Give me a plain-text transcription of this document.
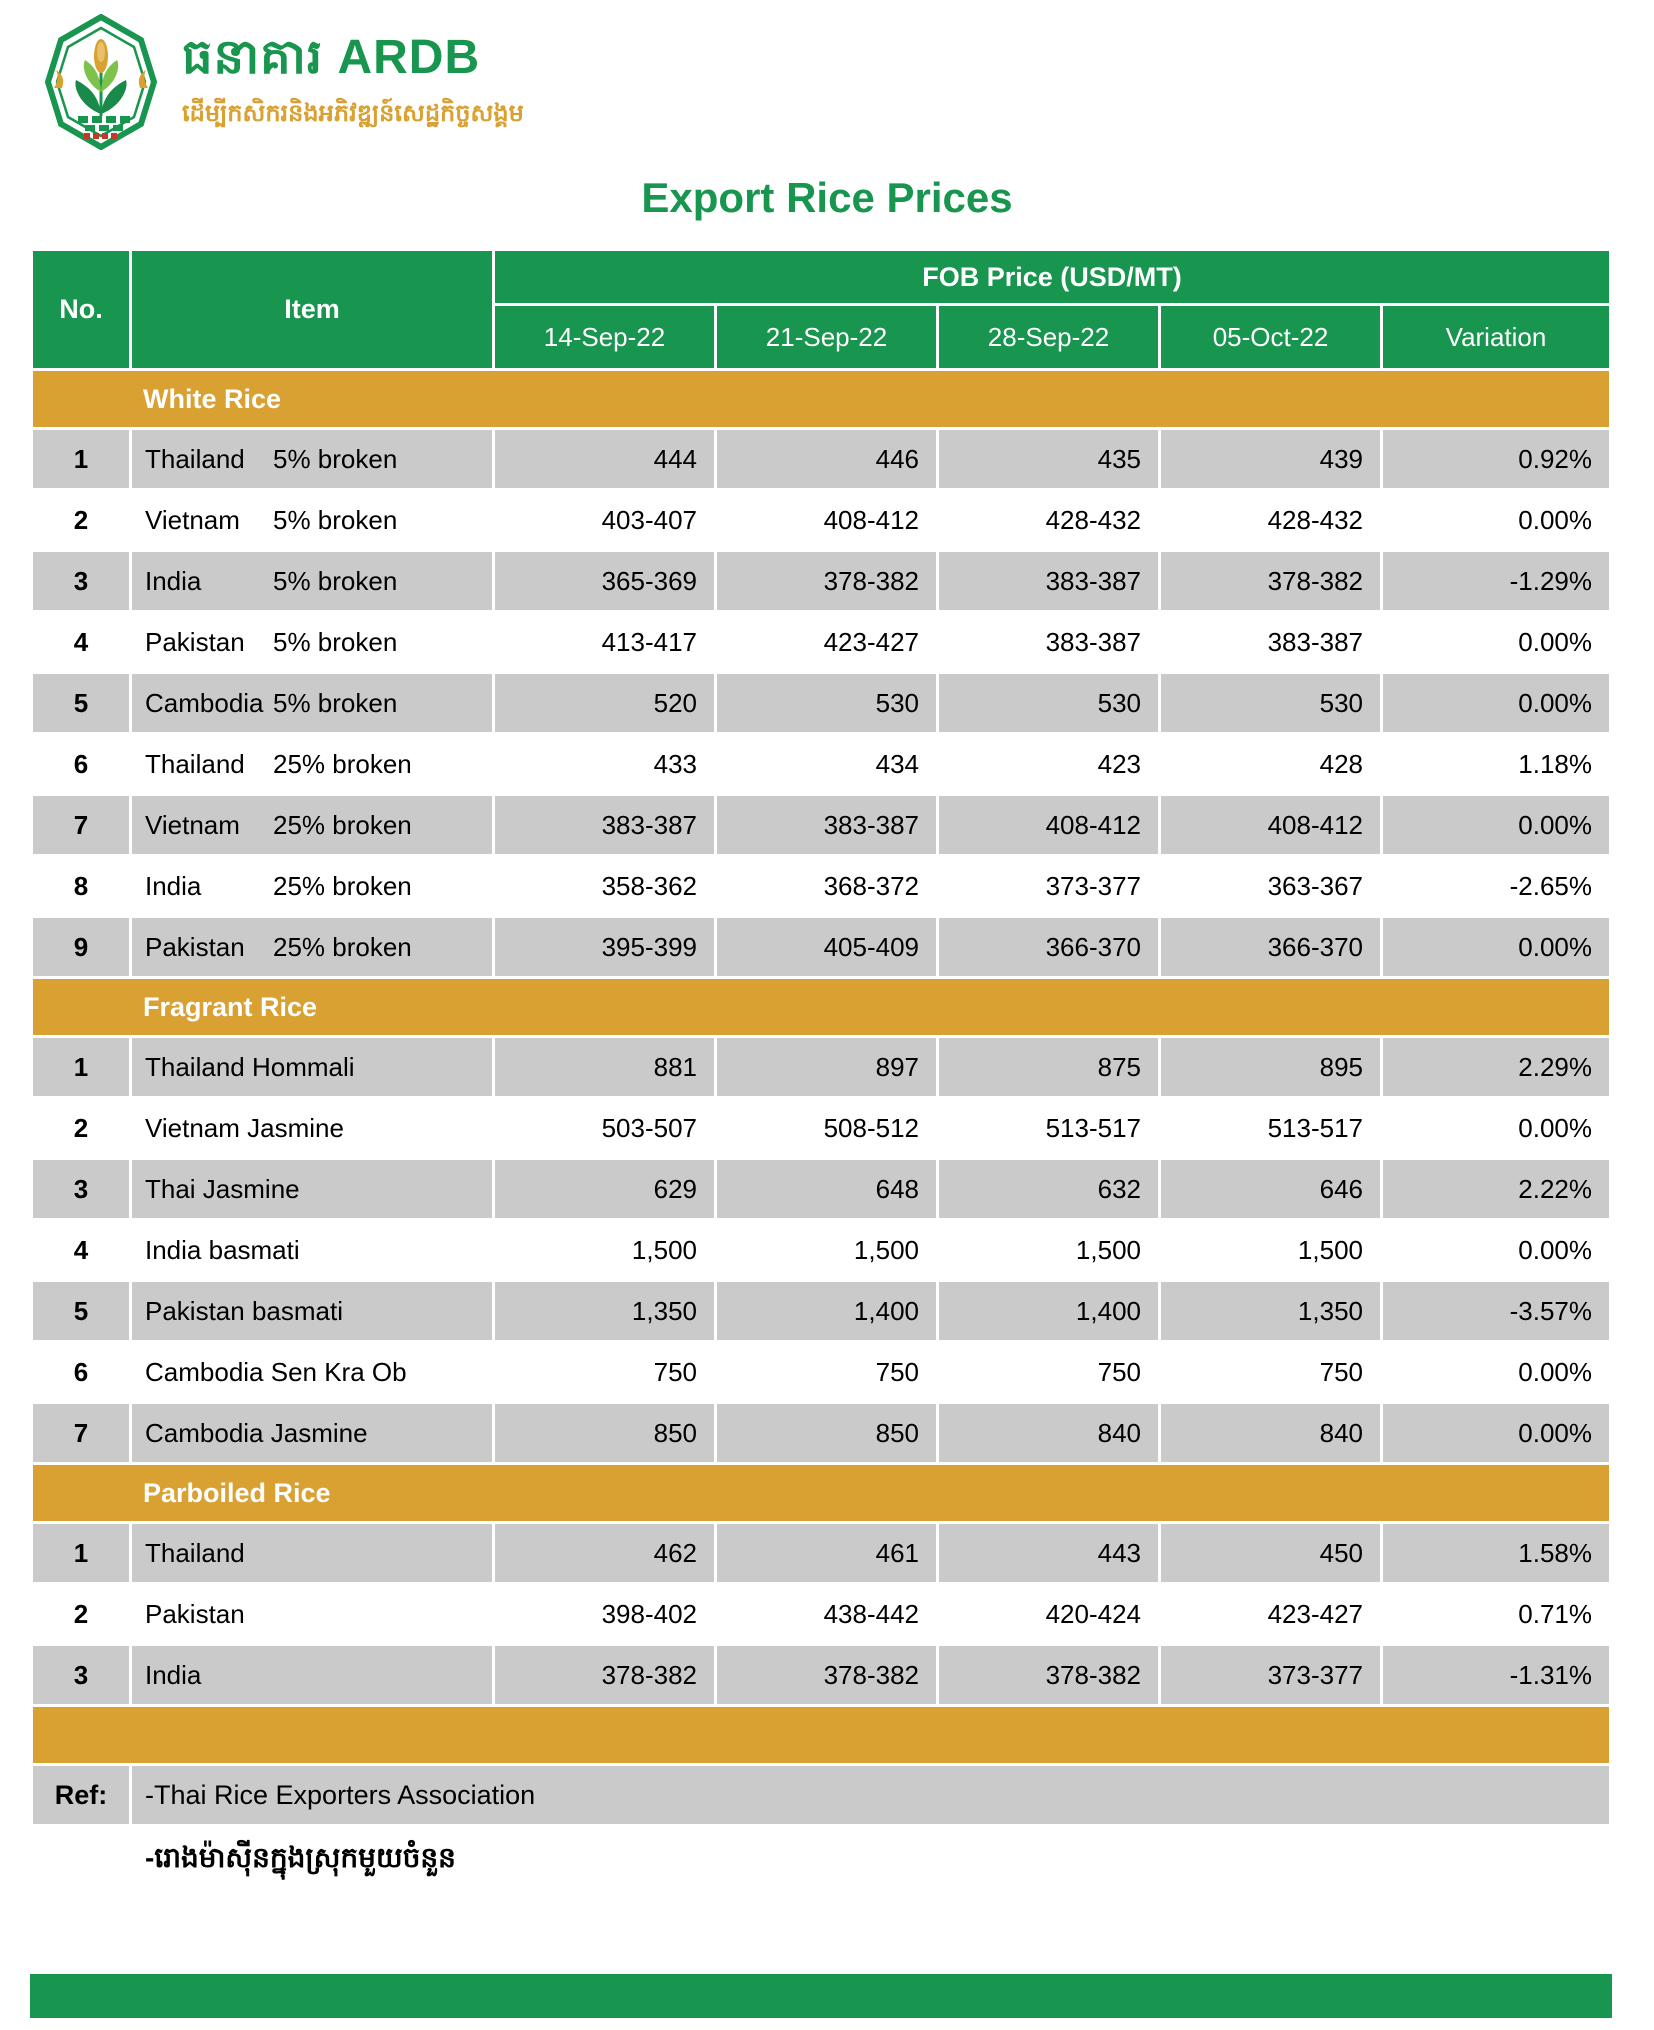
ធនាគារ ARDB
ដើម្បីកសិករនិងអភិវឌ្ឍន៍សេដ្ឋកិច្ចសង្គម
Export Rice Prices
No.	Item	FOB Price (USD/MT)				
		14-Sep-22	21-Sep-22	28-Sep-22	05-Oct-22	Variation
White Rice						
1	Thailand 5% broken	444	446	435	439	0.92%
2	Vietnam 5% broken	403-407	408-412	428-432	428-432	0.00%
3	India 5% broken	365-369	378-382	383-387	378-382	-1.29%
4	Pakistan 5% broken	413-417	423-427	383-387	383-387	0.00%
5	Cambodia 5% broken	520	530	530	530	0.00%
6	Thailand 25% broken	433	434	423	428	1.18%
7	Vietnam 25% broken	383-387	383-387	408-412	408-412	0.00%
8	India 25% broken	358-362	368-372	373-377	363-367	-2.65%
9	Pakistan 25% broken	395-399	405-409	366-370	366-370	0.00%
Fragrant Rice						
1	Thailand Hommali	881	897	875	895	2.29%
2	Vietnam Jasmine	503-507	508-512	513-517	513-517	0.00%
3	Thai Jasmine	629	648	632	646	2.22%
4	India basmati	1,500	1,500	1,500	1,500	0.00%
5	Pakistan basmati	1,350	1,400	1,400	1,350	-3.57%
6	Cambodia Sen Kra Ob	750	750	750	750	0.00%
7	Cambodia Jasmine	850	850	840	840	0.00%
Parboiled Rice						
1	Thailand	462	461	443	450	1.58%
2	Pakistan	398-402	438-442	420-424	423-427	0.71%
3	India	378-382	378-382	378-382	373-377	-1.31%

Ref:	-Thai Rice Exporters Association					
	-រោងម៉ាស៊ីនក្នុងស្រុកមួយចំនួន					
